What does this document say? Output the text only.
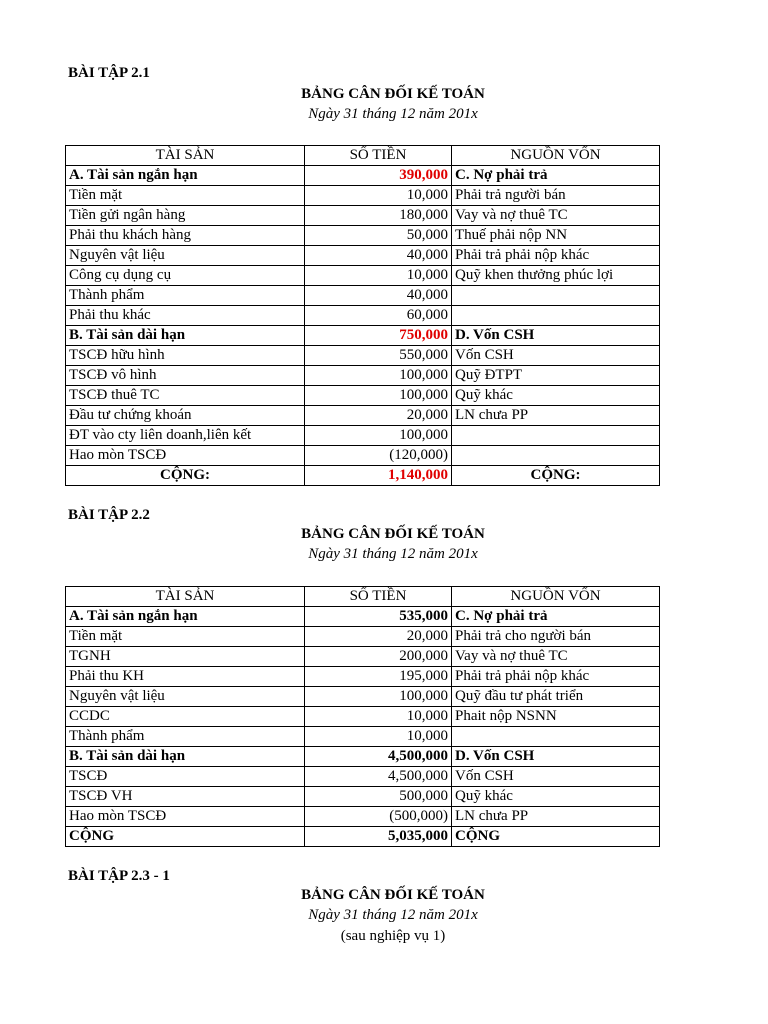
BÀI TẬP 2.1
BẢNG CÂN ĐỐI KẾ TOÁN
Ngày 31 tháng 12 năm 201x
TÀI SẢN	SỐ TIỀN	NGUỒN VỐN
A. Tài sản ngắn hạn	390,000	C. Nợ phải trả
Tiền mặt	10,000	Phải trả người bán
Tiền gửi ngân hàng	180,000	Vay và nợ thuê TC
Phải thu khách hàng	50,000	Thuế phải nộp NN
Nguyên vật liệu	40,000	Phải trả phải nộp khác
Công cụ dụng cụ	10,000	Quỹ khen thưởng phúc lợi
Thành phẩm	40,000	
Phải thu khác	60,000	
B. Tài sản dài hạn	750,000	D. Vốn CSH
TSCĐ hữu hình	550,000	Vốn CSH
TSCĐ vô hình	100,000	Quỹ ĐTPT
TSCĐ thuê TC	100,000	Quỹ khác
Đầu tư chứng khoán	20,000	LN chưa PP
ĐT vào cty liên doanh,liên kết	100,000	
Hao mòn TSCĐ	(120,000)	
CỘNG:	1,140,000	CỘNG:
BÀI TẬP 2.2
BẢNG CÂN ĐỐI KẾ TOÁN
Ngày 31 tháng 12 năm 201x
TÀI SẢN	SỐ TIỀN	NGUỒN VỐN
A. Tài sản ngắn hạn	535,000	C. Nợ phải trả
Tiền mặt	20,000	Phải trả cho người bán
TGNH	200,000	Vay và nợ thuê TC
Phải thu KH	195,000	Phải trả phải nộp khác
Nguyên vật liệu	100,000	Quỹ đầu tư phát triển
CCDC	10,000	Phait nộp NSNN
Thành phẩm	10,000	
B. Tài sản dài hạn	4,500,000	D. Vốn CSH
TSCĐ	4,500,000	Vốn CSH
TSCĐ VH	500,000	Quỹ khác
Hao mòn TSCĐ	(500,000)	LN chưa PP
CỘNG	5,035,000	CỘNG
BÀI TẬP 2.3 - 1
BẢNG CÂN ĐỐI KẾ TOÁN
Ngày 31 tháng 12 năm 201x
(sau nghiệp vụ 1)
